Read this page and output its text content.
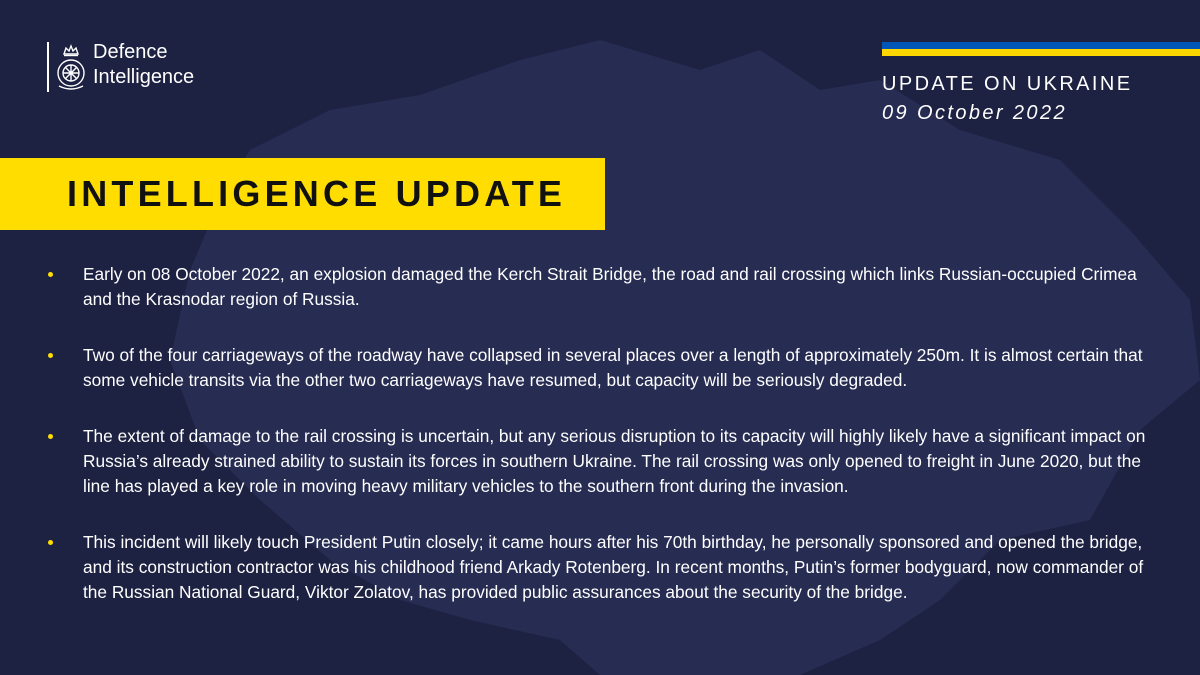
Defence
Intelligence	UPDATE ON UKRAINE
09 October 2022
INTELLIGENCE UPDATE
Early on 08 October 2022, an explosion damaged the Kerch Strait Bridge, the road and rail crossing which links Russian-occupied Crimea and the Krasnodar region of Russia.
Two of the four carriageways of the roadway have collapsed in several places over a length of approximately 250m. It is almost certain that some vehicle transits via the other two carriageways have resumed, but capacity will be seriously degraded.
The extent of damage to the rail crossing is uncertain, but any serious disruption to its capacity will highly likely have a significant impact on Russia’s already strained ability to sustain its forces in southern Ukraine. The rail crossing was only opened to freight in June 2020, but the line has played a key role in moving heavy military vehicles to the southern front during the invasion.
This incident will likely touch President Putin closely; it came hours after his 70th birthday, he personally sponsored and opened the bridge, and its construction contractor was his childhood friend Arkady Rotenberg. In recent months, Putin’s former bodyguard, now commander of the Russian National Guard, Viktor Zolatov, has provided public assurances about the security of the bridge.
